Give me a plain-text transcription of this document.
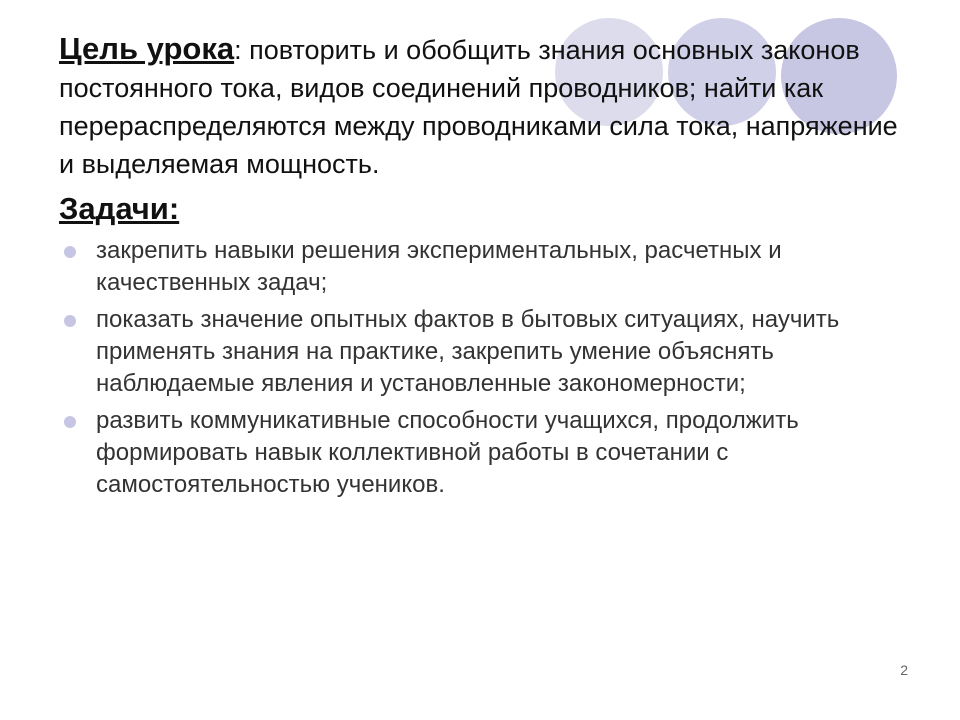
Цель урока: повторить и обобщить знания основных законов постоянного тока, видов соединений проводников; найти как перераспределяются между проводниками сила тока, напряжение и выделяемая мощность.

Задачи:
закрепить навыки решения экспериментальных, расчетных и качественных задач;
показать значение опытных фактов в бытовых ситуациях, научить применять знания на практике, закрепить умение объяснять наблюдаемые явления и установленные закономерности;
развить коммуникативные способности учащихся, продолжить формировать навык коллективной работы в сочетании с самостоятельностью учеников.
2
